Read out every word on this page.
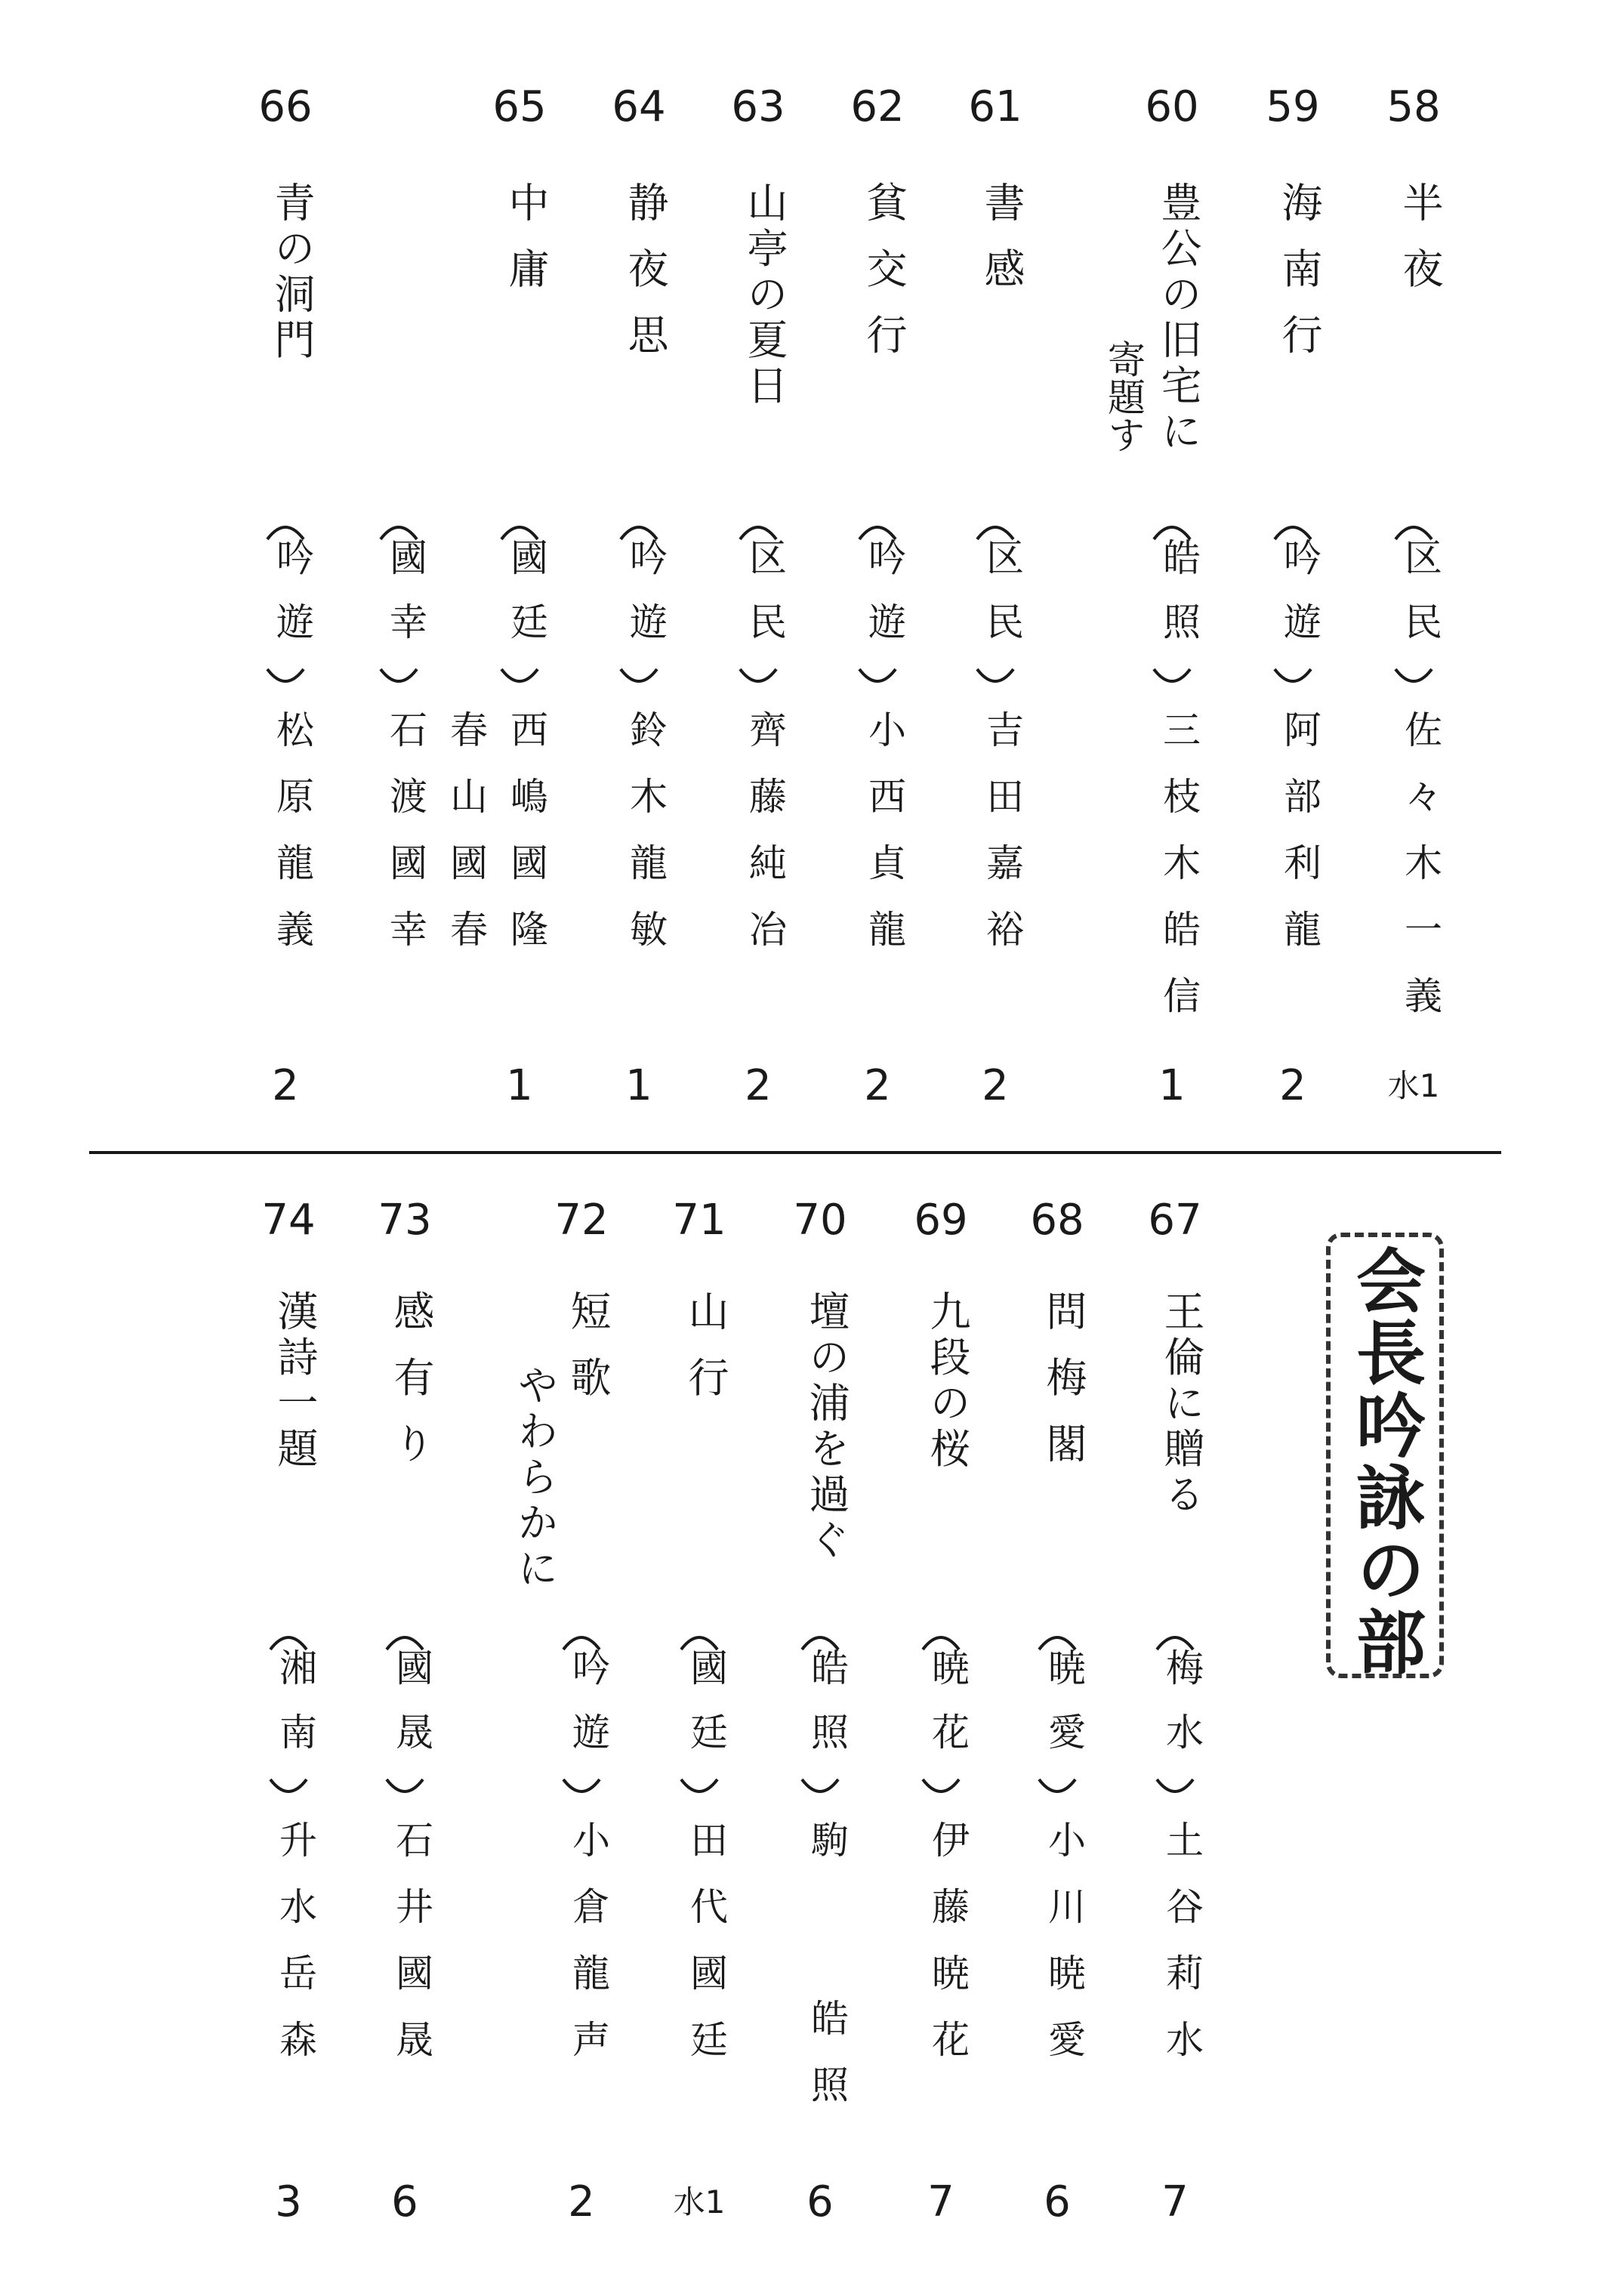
会長吟詠の部
58
半夜
区民
佐々木一義
水1
59
海南行
吟遊
阿部利龍
2
60
豊公の旧宅に
寄題す
皓照
三枝木皓信
1
61
書感
区民
吉田嘉裕
2
62
貧交行
吟遊
小西貞龍
2
63
山亭の夏日
区民
齊藤純冶
2
64
静夜思
吟遊
鈴木龍敏
1
65
中庸
國廷
西嶋國隆
春山國春
國幸
石渡國幸
1
66
青の洞門
吟遊
松原龍義
2
67
王倫に贈る
梅水
土谷莉水
7
68
問梅閣
暁愛
小川暁愛
6
69
九段の桜
暁花
伊藤暁花
7
70
壇の浦を過ぐ
皓照
駒
皓照
6
71
山行
國廷
田代國廷
水1
72
短歌
やわらかに
吟遊
小倉龍声
2
73
感有り
國晟
石井國晟
6
74
漢詩一題
湘南
升水岳森
3
